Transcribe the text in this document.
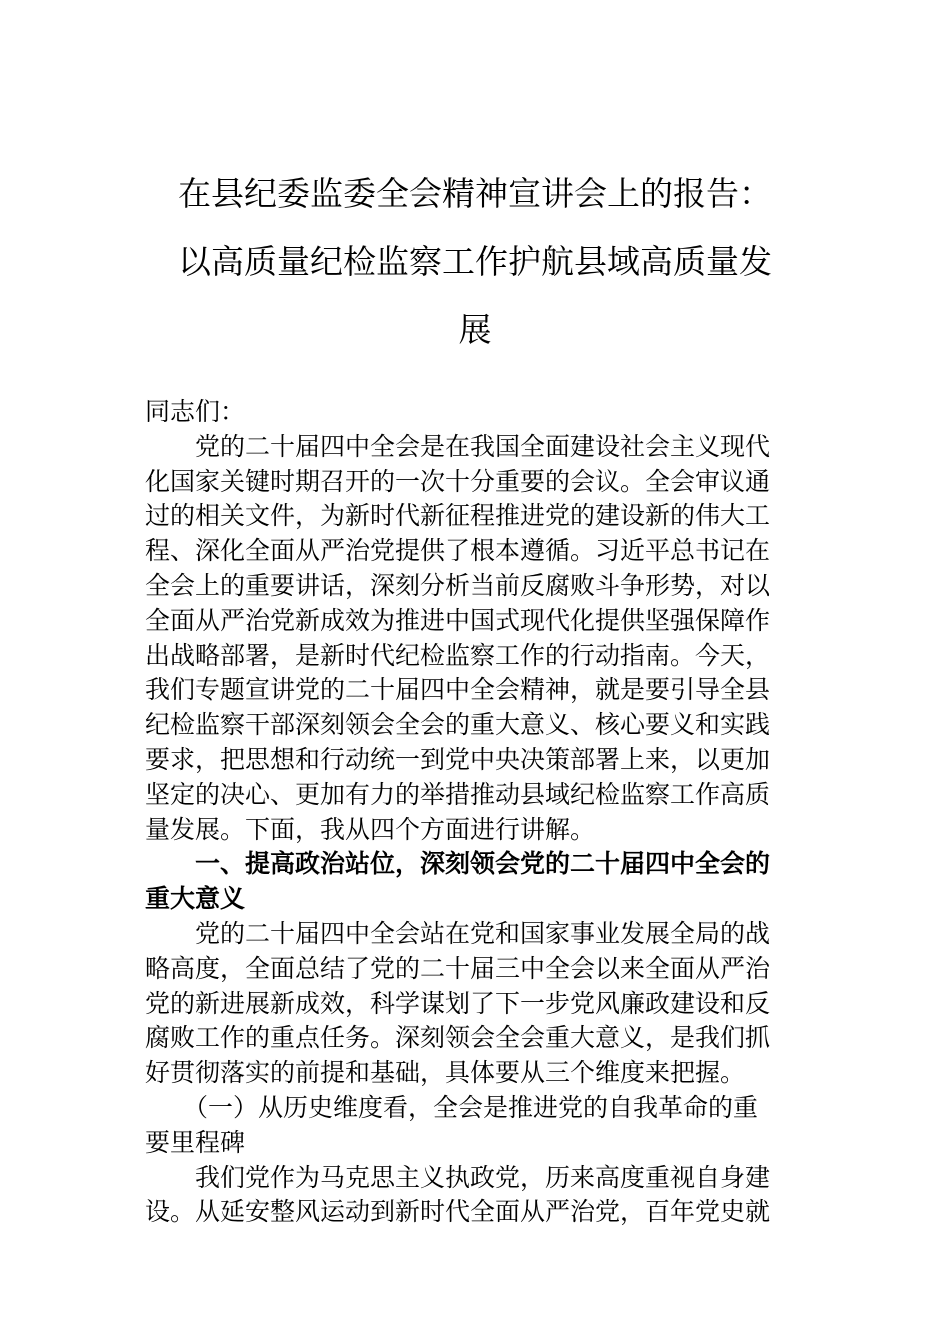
在县纪委监委全会精神宣讲会上的报告：
以高质量纪检监察工作护航县域高质量发
展
同志们：
党的二十届四中全会是在我国全面建设社会主义现代
化国家关键时期召开的一次十分重要的会议。全会审议通
过的相关文件，为新时代新征程推进党的建设新的伟大工
程、深化全面从严治党提供了根本遵循。习近平总书记在
全会上的重要讲话，深刻分析当前反腐败斗争形势，对以
全面从严治党新成效为推进中国式现代化提供坚强保障作
出战略部署，是新时代纪检监察工作的行动指南。今天，
我们专题宣讲党的二十届四中全会精神，就是要引导全县
纪检监察干部深刻领会全会的重大意义、核心要义和实践
要求，把思想和行动统一到党中央决策部署上来，以更加
坚定的决心、更加有力的举措推动县域纪检监察工作高质
量发展。下面，我从四个方面进行讲解。
一、提高政治站位，深刻领会党的二十届四中全会的
重大意义
党的二十届四中全会站在党和国家事业发展全局的战
略高度，全面总结了党的二十届三中全会以来全面从严治
党的新进展新成效，科学谋划了下一步党风廉政建设和反
腐败工作的重点任务。深刻领会全会重大意义，是我们抓
好贯彻落实的前提和基础，具体要从三个维度来把握。
（一）从历史维度看，全会是推进党的自我革命的重
要里程碑
我们党作为马克思主义执政党，历来高度重视自身建
设。从延安整风运动到新时代全面从严治党，百年党史就
